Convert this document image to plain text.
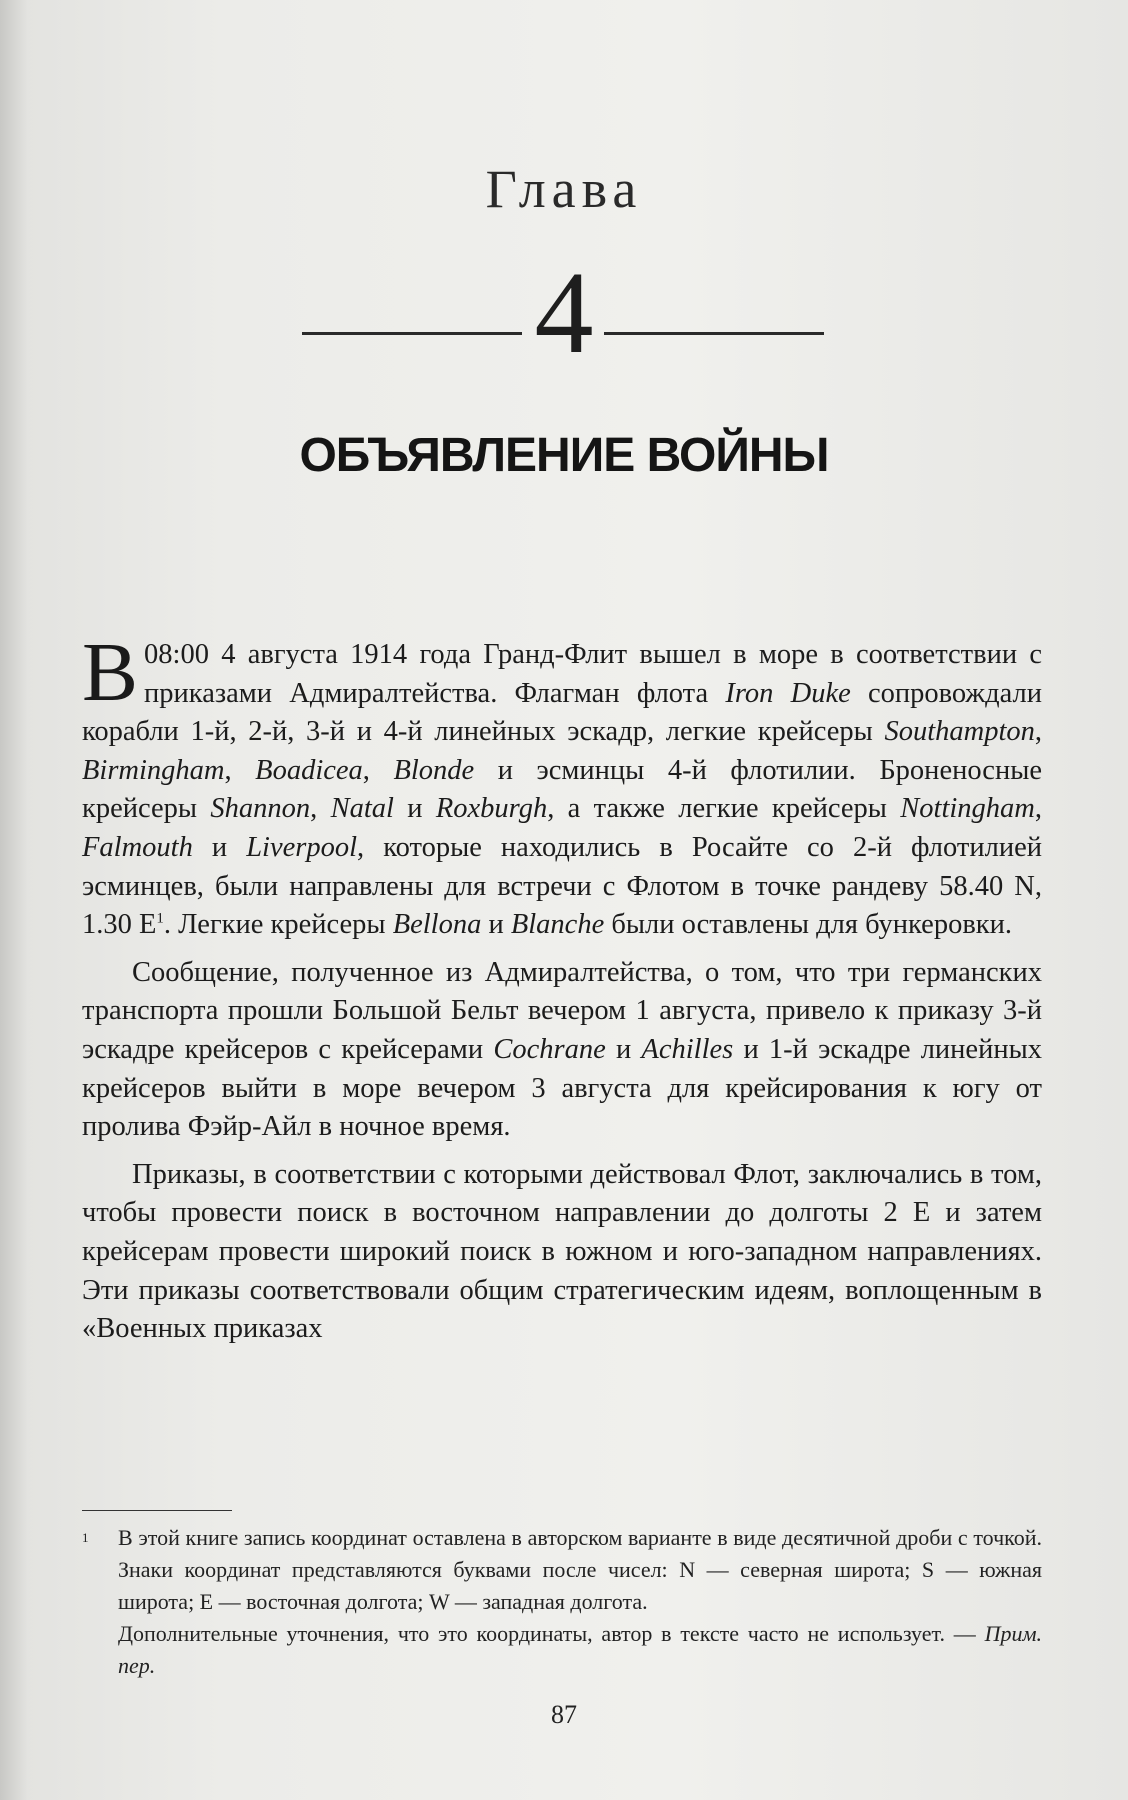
Глава
4
ОБЪЯВЛЕНИЕ ВОЙНЫ

В 08:00 4 августа 1914 года Гранд-Флит вышел в море в соответствии с приказами Адмиралтейства. Флагман флота Iron Duke сопровождали корабли 1-й, 2-й, 3-й и 4-й линейных эскадр, легкие крейсеры Southampton, Birmingham, Boadicea, Blonde и эсминцы 4-й флотилии. Броненосные крейсеры Shannon, Natal и Roxburgh, а также легкие крейсеры Nottingham, Falmouth и Liverpool, которые находились в Росайте со 2-й флотилией эсминцев, были направлены для встречи с Флотом в точке рандеву 58.40 N, 1.30 $E^1$. Легкие крейсеры Bellona и Blanche были оставлены для бункеровки.

Сообщение, полученное из Адмиралтейства, о том, что три германских транспорта прошли Большой Бельт вечером 1 августа, привело к приказу 3-й эскадре крейсеров с крейсерами Cochrane и Achilles и 1-й эскадре линейных крейсеров выйти в море вечером 3 августа для крейсирования к югу от пролива Фэйр-Айл в ночное время.

Приказы, в соответствии с которыми действовал Флот, заключались в том, чтобы провести поиск в восточном направлении до долготы 2 E и затем крейсерам провести широкий поиск в южном и юго-западном направлениях. Эти приказы соответствовали общим стратегическим идеям, воплощенным в «Военных приказах

1 В этой книге запись координат оставлена в авторском варианте в виде десятичной дроби с точкой. Знаки координат представляются буквами после чисел: N — северная широта; S — южная широта; E — восточная долгота; W — западная долгота.

Дополнительные уточнения, что это координаты, автор в тексте часто не использует. — Прим. пер.

87
